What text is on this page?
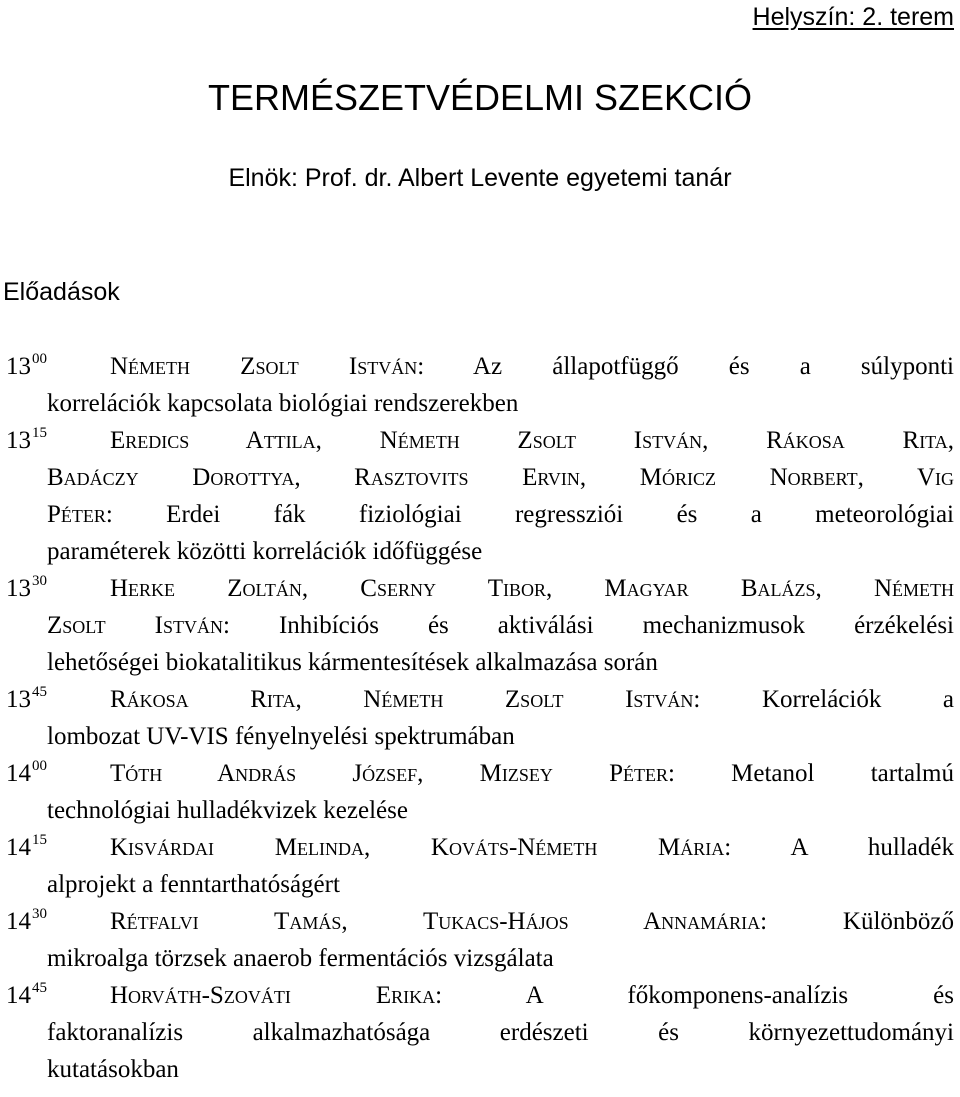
Helyszín: 2. terem
TERMÉSZETVÉDELMI SZEKCIÓ
Elnök: Prof. dr. Albert Levente egyetemi tanár
Előadások
$13^{00}$	Németh Zsolt István: Az állapotfüggő és a súlyponti
korrelációk kapcsolata biológiai rendszerekben
$13^{15}$	Eredics Attila, Németh Zsolt István, Rákosa Rita,
Badáczy Dorottya, Rasztovits Ervin, Móricz Norbert, Vig
Péter: Erdei fák fiziológiai regressziói és a meteorológiai
paraméterek közötti korrelációk időfüggése
$13^{30}$	Herke Zoltán, Cserny Tibor, Magyar Balázs, Németh
Zsolt István: Inhibíciós és aktiválási mechanizmusok érzékelési
lehetőségei biokatalitikus kármentesítések alkalmazása során
$13^{45}$	Rákosa Rita, Németh Zsolt István: Korrelációk a
lombozat UV-VIS fényelnyelési spektrumában
$14^{00}$	Tóth András József, Mizsey Péter: Metanol tartalmú
technológiai hulladékvizek kezelése
$14^{15}$	Kisvárdai Melinda, Kováts-Németh Mária: A hulladék
alprojekt a fenntarthatóságért
$14^{30}$	Rétfalvi Tamás, Tukacs-Hájos Annamária: Különböző
mikroalga törzsek anaerob fermentációs vizsgálata
$14^{45}$	Horváth-Szováti Erika: A főkomponens-analízis és
faktoranalízis alkalmazhatósága erdészeti és környezettudományi
kutatásokban
